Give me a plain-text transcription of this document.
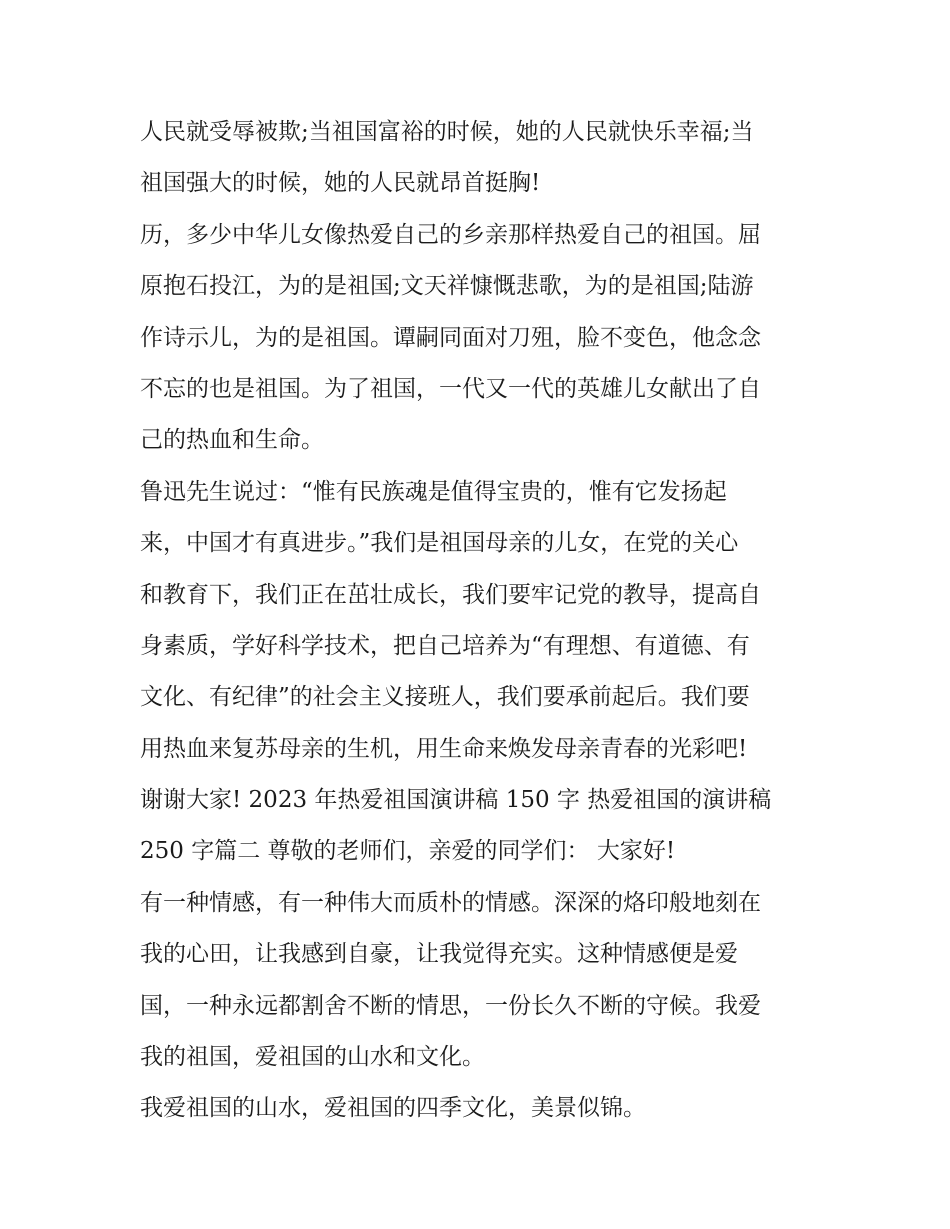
人民就受辱被欺;当祖国富裕的时候，她的人民就快乐幸福;当
祖国强大的时候，她的人民就昂首挺胸!
历，多少中华儿女像热爱自己的乡亲那样热爱自己的祖国。屈
原抱石投江，为的是祖国;文天祥慷慨悲歌，为的是祖国;陆游
作诗示儿，为的是祖国。谭嗣同面对刀殂，脸不变色，他念念
不忘的也是祖国。为了祖国，一代又一代的英雄儿女献出了自
己的热血和生命。
鲁迅先生说过：“惟有民族魂是值得宝贵的，惟有它发扬起
来，中国才有真进步。”我们是祖国母亲的儿女，在党的关心
和教育下，我们正在茁壮成长，我们要牢记党的教导，提高自
身素质，学好科学技术，把自己培养为“有理想、有道德、有
文化、有纪律”的社会主义接班人，我们要承前起后。我们要
用热血来复苏母亲的生机，用生命来焕发母亲青春的光彩吧!
谢谢大家! 2023 年热爱祖国演讲稿 150 字 热爱祖国的演讲稿
250 字篇二 尊敬的老师们，亲爱的同学们： 大家好!
有一种情感，有一种伟大而质朴的情感。深深的烙印般地刻在
我的心田，让我感到自豪，让我觉得充实。这种情感便是爱
国，一种永远都割舍不断的情思，一份长久不断的守候。我爱
我的祖国，爱祖国的山水和文化。
我爱祖国的山水，爱祖国的四季文化，美景似锦。
